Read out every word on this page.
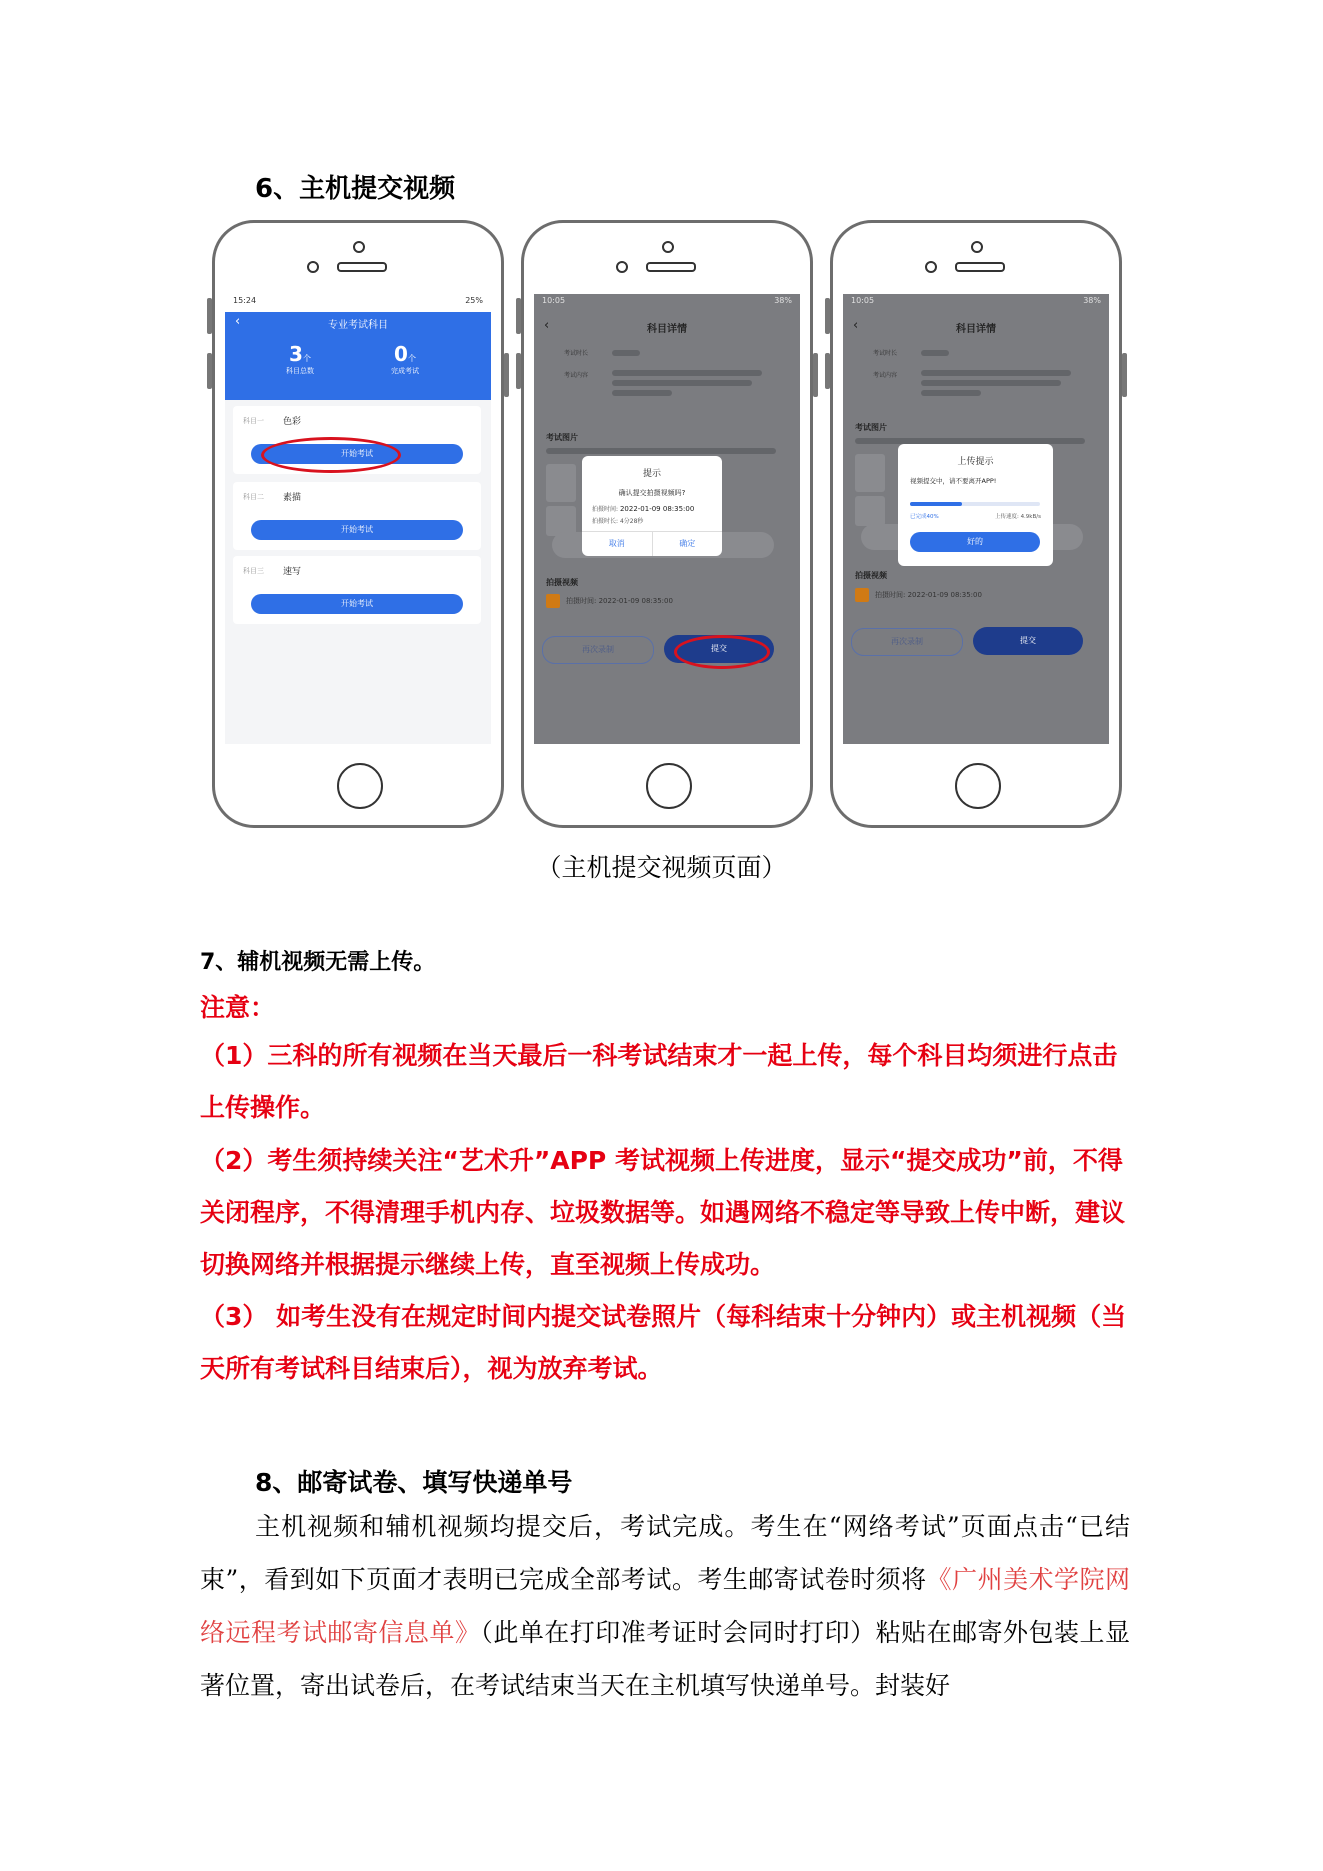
6、主机提交视频
15:24	25%
‹	专业考试科目
3个
科目总数
0个
完成考试
科目一 色彩
开始考试
科目二 素描
开始考试
科目三 速写
开始考试
10:05	38%
‹	科目详情
考试时长
考试内容
考试图片
拍摄视频
拍摄时间: 2022-01-09 08:35:00
再次录制	提交
提示
确认提交拍摄视频吗?
拍摄时间: 2022-01-09 08:35:00
拍摄时长: 4分28秒
取消	确定
10:05	38%
‹	科目详情
考试时长
考试内容
考试图片
拍摄视频
拍摄时间: 2022-01-09 08:35:00
再次录制	提交
上传提示
视频提交中，请不要离开APP!
已完成40%	上传速度: 4.9kB/s
好的
（主机提交视频页面）
7、辅机视频无需上传。
注意：
（1）三科的所有视频在当天最后一科考试结束才一起上传，每个科目均须进行点击上传操作。
（2）考生须持续关注“艺术升”APP 考试视频上传进度，显示“提交成功”前，不得关闭程序，不得清理手机内存、垃圾数据等。如遇网络不稳定等导致上传中断，建议切换网络并根据提示继续上传，直至视频上传成功。
（3） 如考生没有在规定时间内提交试卷照片（每科结束十分钟内）或主机视频（当天所有考试科目结束后），视为放弃考试。
8、邮寄试卷、填写快递单号
主机视频和辅机视频均提交后，考试完成。考生在“网络考试”页面点击“已结束”，看到如下页面才表明已完成全部考试。考生邮寄试卷时须将《广州美术学院网络远程考试邮寄信息单》（此单在打印准考证时会同时打印）粘贴在邮寄外包装上显著位置，寄出试卷后，在考试结束当天在主机填写快递单号。封装好
